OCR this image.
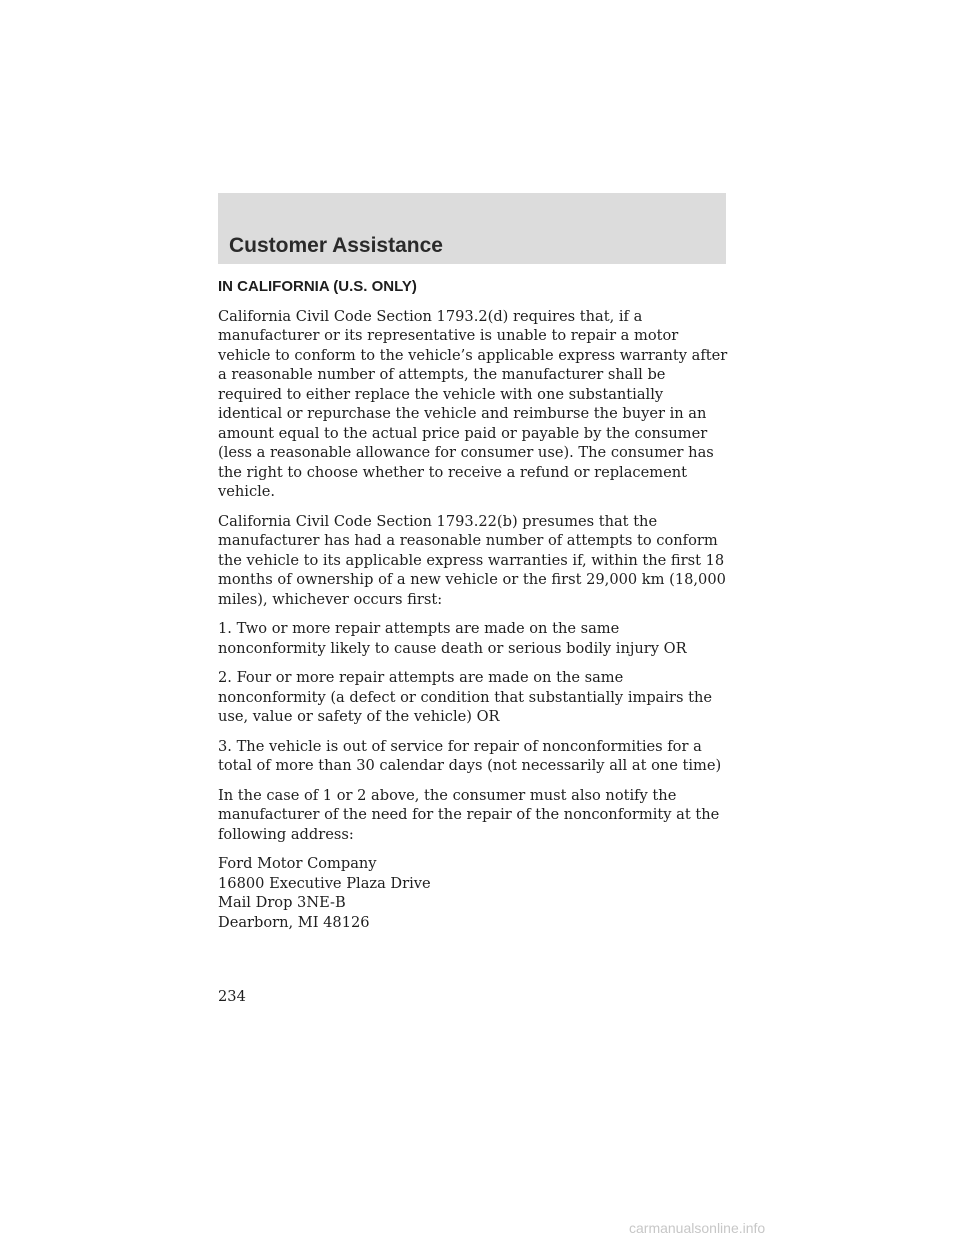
Customer Assistance
IN CALIFORNIA (U.S. ONLY)

California Civil Code Section 1793.2(d) requires that, if a manufacturer or its representative is unable to repair a motor vehicle to conform to the vehicle’s applicable express warranty after a reasonable number of attempts, the manufacturer shall be required to either replace the vehicle with one substantially identical or repurchase the vehicle and reimburse the buyer in an amount equal to the actual price paid or payable by the consumer (less a reasonable allowance for consumer use). The consumer has the right to choose whether to receive a refund or replacement vehicle.

California Civil Code Section 1793.22(b) presumes that the manufacturer has had a reasonable number of attempts to conform the vehicle to its applicable express warranties if, within the first 18 months of ownership of a new vehicle or the first 29,000 km (18,000 miles), whichever occurs first:

1. Two or more repair attempts are made on the same nonconformity likely to cause death or serious bodily injury OR

2. Four or more repair attempts are made on the same nonconformity (a defect or condition that substantially impairs the use, value or safety of the vehicle) OR

3. The vehicle is out of service for repair of nonconformities for a total of more than 30 calendar days (not necessarily all at one time)

In the case of 1 or 2 above, the consumer must also notify the manufacturer of the need for the repair of the nonconformity at the following address:

Ford Motor Company
16800 Executive Plaza Drive
Mail Drop 3NE-B
Dearborn, MI 48126

234

carmanualsonline.info
